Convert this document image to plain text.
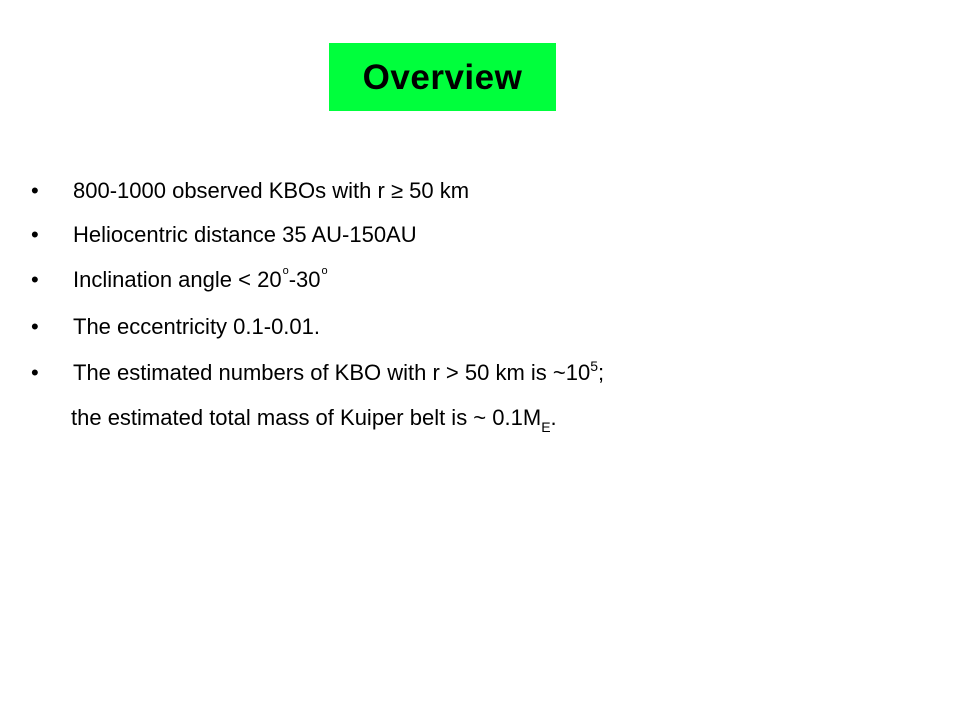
Overview
• 800-1000 observed KBOs with r ≥ 50 km
• Heliocentric distance 35 AU-150AU
• Inclination angle < $20^o-30^o$
• The eccentricity 0.1-0.01.
• The estimated numbers of KBO with r > 50 km is $\sim 10^5$;
the estimated total mass of Kuiper belt is ~ $0.1M_E$.
